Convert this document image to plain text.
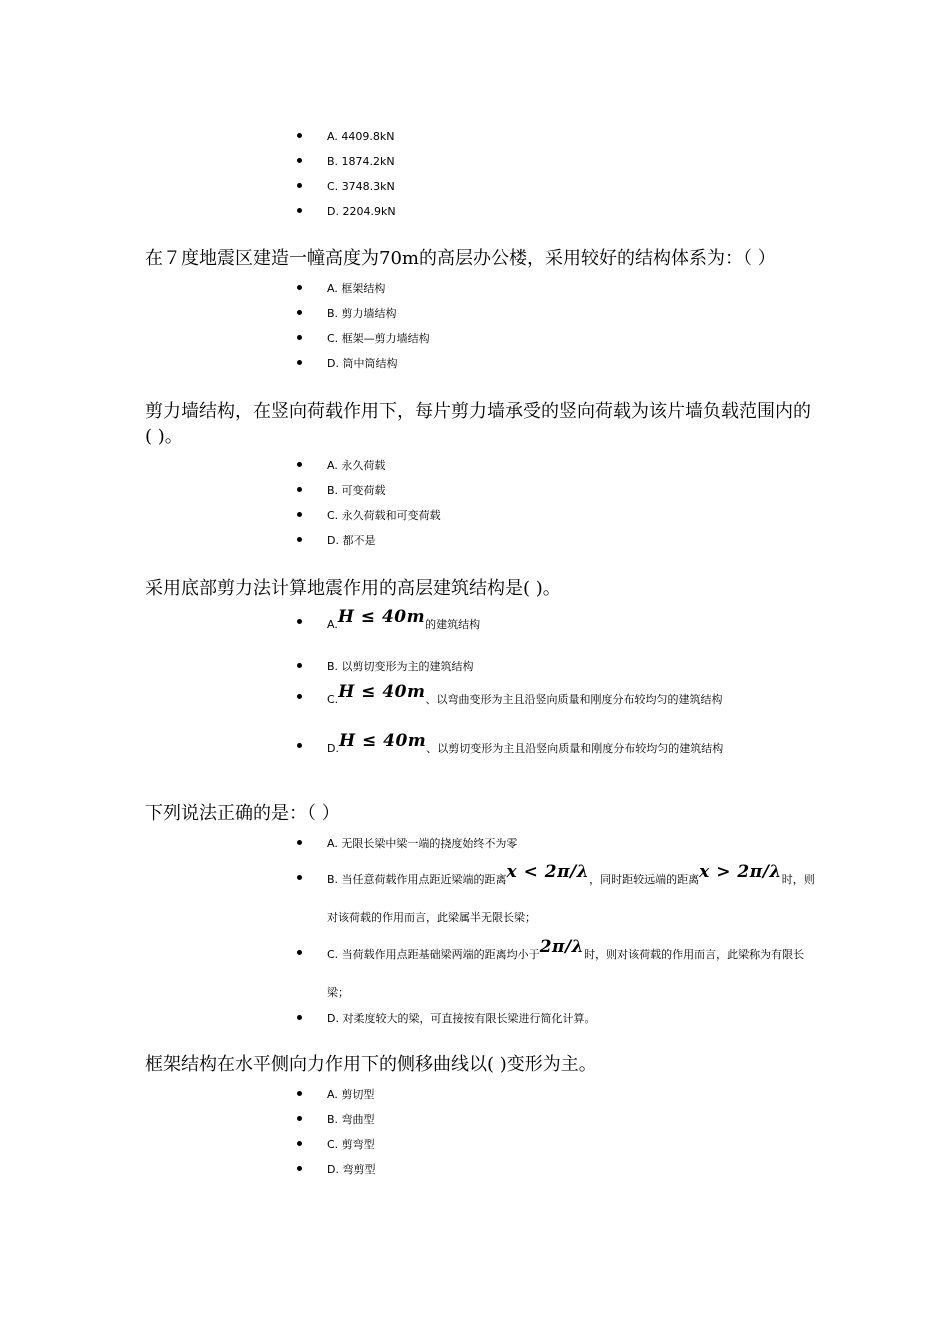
A. 4409.8kN
B. 1874.2kN
C. 3748.3kN
D. 2204.9kN
在７度地震区建造一幢高度为70m的高层办公楼，采用较好的结构体系为：（ ）
A. 框架结构
B. 剪力墙结构
C. 框架—剪力墙结构
D. 筒中筒结构
剪力墙结构，在竖向荷载作用下，每片剪力墙承受的竖向荷载为该片墙负载范围内的( )。
A. 永久荷载
B. 可变荷载
C. 永久荷载和可变荷载
D. 都不是
采用底部剪力法计算地震作用的高层建筑结构是( )。
A.H ≤ 40m的建筑结构
B. 以剪切变形为主的建筑结构
C.H ≤ 40m、以弯曲变形为主且沿竖向质量和刚度分布较均匀的建筑结构
D.H ≤ 40m、以剪切变形为主且沿竖向质量和刚度分布较均匀的建筑结构
下列说法正确的是：（ ）
A. 无限长梁中梁一端的挠度始终不为零
B. 当任意荷载作用点距近梁端的距离x < 2π/λ，同时距较远端的距离x > 2π/λ时，则对该荷载的作用而言，此梁属半无限长梁；
C. 当荷载作用点距基础梁两端的距离均小于2π/λ时，则对该荷载的作用而言，此梁称为有限长梁；
D. 对柔度较大的梁，可直接按有限长梁进行简化计算。
框架结构在水平侧向力作用下的侧移曲线以( )变形为主。
A. 剪切型
B. 弯曲型
C. 剪弯型
D. 弯剪型
